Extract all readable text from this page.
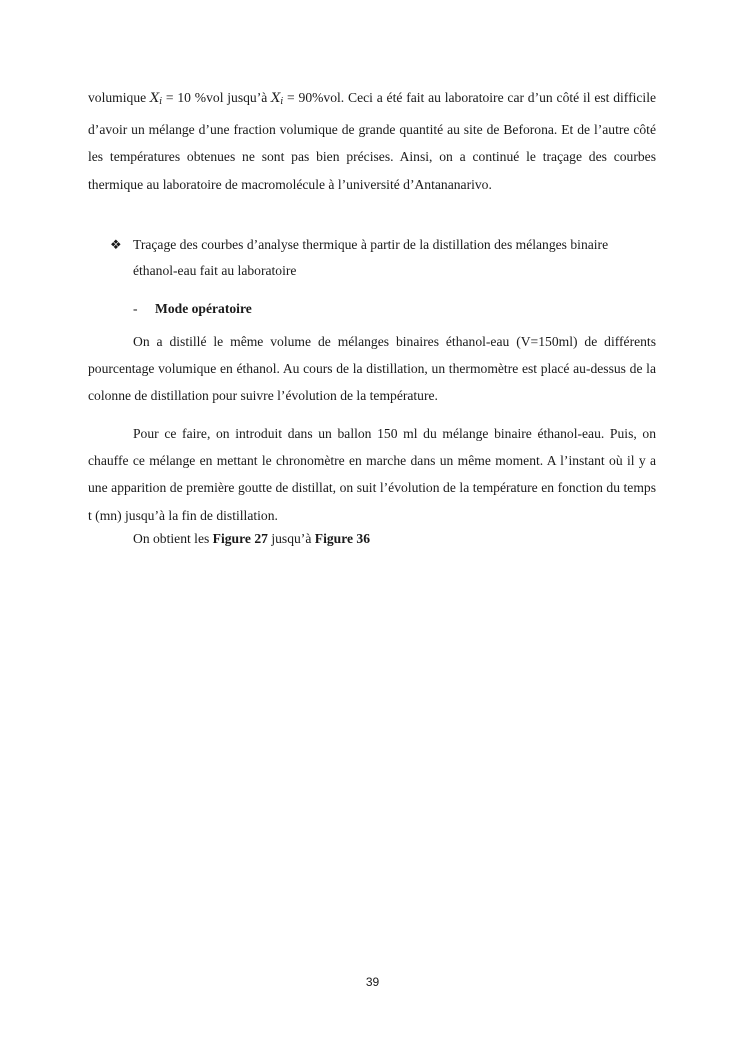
volumique $X_i = 10$ %vol jusqu’à $X_i = 90\%vol$. Ceci a été fait au laboratoire car d’un côté il est difficile d’avoir un mélange d’une fraction volumique de grande quantité au site de Beforona. Et de l’autre côté les températures obtenues ne sont pas bien précises. Ainsi, on a continué le traçage des courbes thermique au laboratoire de macromolécule à l’université d’Antananarivo.

❖ Traçage des courbes d’analyse thermique à partir de la distillation des mélanges binaire éthanol-eau fait au laboratoire
- Mode opératoire

On a distillé le même volume de mélanges binaires éthanol-eau (V=150ml) de différents pourcentage volumique en éthanol. Au cours de la distillation, un thermomètre est placé au-dessus de la colonne de distillation pour suivre l’évolution de la température.

Pour ce faire, on introduit dans un ballon 150 ml du mélange binaire éthanol-eau. Puis, on chauffe ce mélange en mettant le chronomètre en marche dans un même moment. A l’instant où il y a une apparition de première goutte de distillat, on suit l’évolution de la température en fonction du temps t (mn) jusqu’à la fin de distillation.

On obtient les Figure 27 jusqu’à Figure 36
39
